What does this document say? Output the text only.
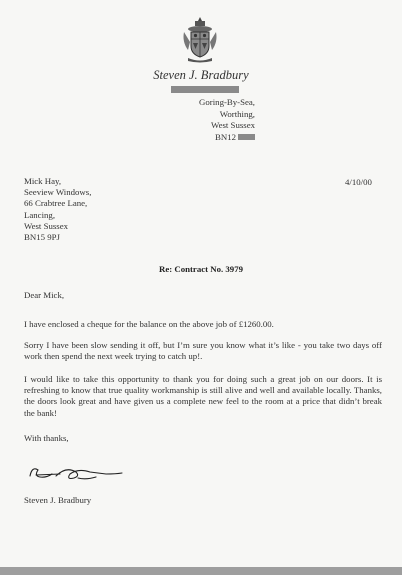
Steven J. Bradbury
Goring-By-Sea,
Worthing,
West Sussex
BN12
4/10/00
Mick Hay,
Seeview Windows,
66 Crabtree Lane,
Lancing,
West Sussex
BN15 9PJ
Re: Contract No. 3979
Dear Mick,
I have enclosed a cheque for the balance on the above job of £1260.00.
Sorry I have been slow sending it off, but I’m sure you know what it’s like - you take two days off work then spend the next week trying to catch up!.
I would like to take this opportunity to thank you for doing such a great job on our doors. It is refreshing to know that true quality workmanship is still alive and well and available locally. Thanks, the doors look great and have given us a complete new feel to the room at a price that didn’t break the bank!
With thanks,
Steven J. Bradbury
